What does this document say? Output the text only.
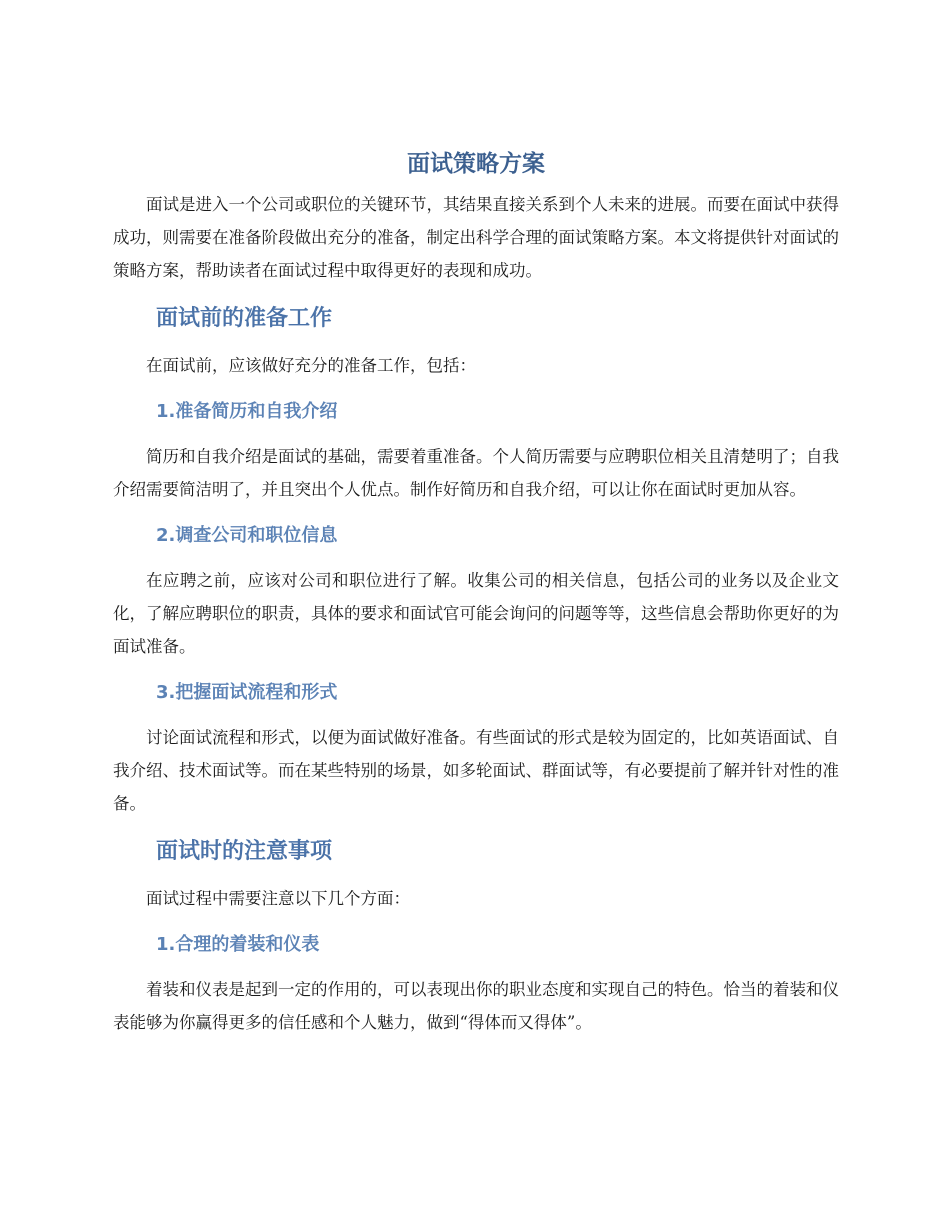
面试策略方案

面试是进入一个公司或职位的关键环节，其结果直接关系到个人未来的进展。而要在面试中获得成功，则需要在准备阶段做出充分的准备，制定出科学合理的面试策略方案。本文将提供针对面试的策略方案，帮助读者在面试过程中取得更好的表现和成功。

面试前的准备工作

在面试前，应该做好充分的准备工作，包括：

1.准备简历和自我介绍

简历和自我介绍是面试的基础，需要着重准备。个人简历需要与应聘职位相关且清楚明了；自我介绍需要简洁明了，并且突出个人优点。制作好简历和自我介绍，可以让你在面试时更加从容。

2.调查公司和职位信息

在应聘之前，应该对公司和职位进行了解。收集公司的相关信息，包括公司的业务以及企业文化，了解应聘职位的职责，具体的要求和面试官可能会询问的问题等等，这些信息会帮助你更好的为面试准备。

3.把握面试流程和形式

讨论面试流程和形式，以便为面试做好准备。有些面试的形式是较为固定的，比如英语面试、自我介绍、技术面试等。而在某些特别的场景，如多轮面试、群面试等，有必要提前了解并针对性的准备。

面试时的注意事项

面试过程中需要注意以下几个方面：

1.合理的着装和仪表

着装和仪表是起到一定的作用的，可以表现出你的职业态度和实现自己的特色。恰当的着装和仪表能够为你赢得更多的信任感和个人魅力，做到“得体而又得体”。
